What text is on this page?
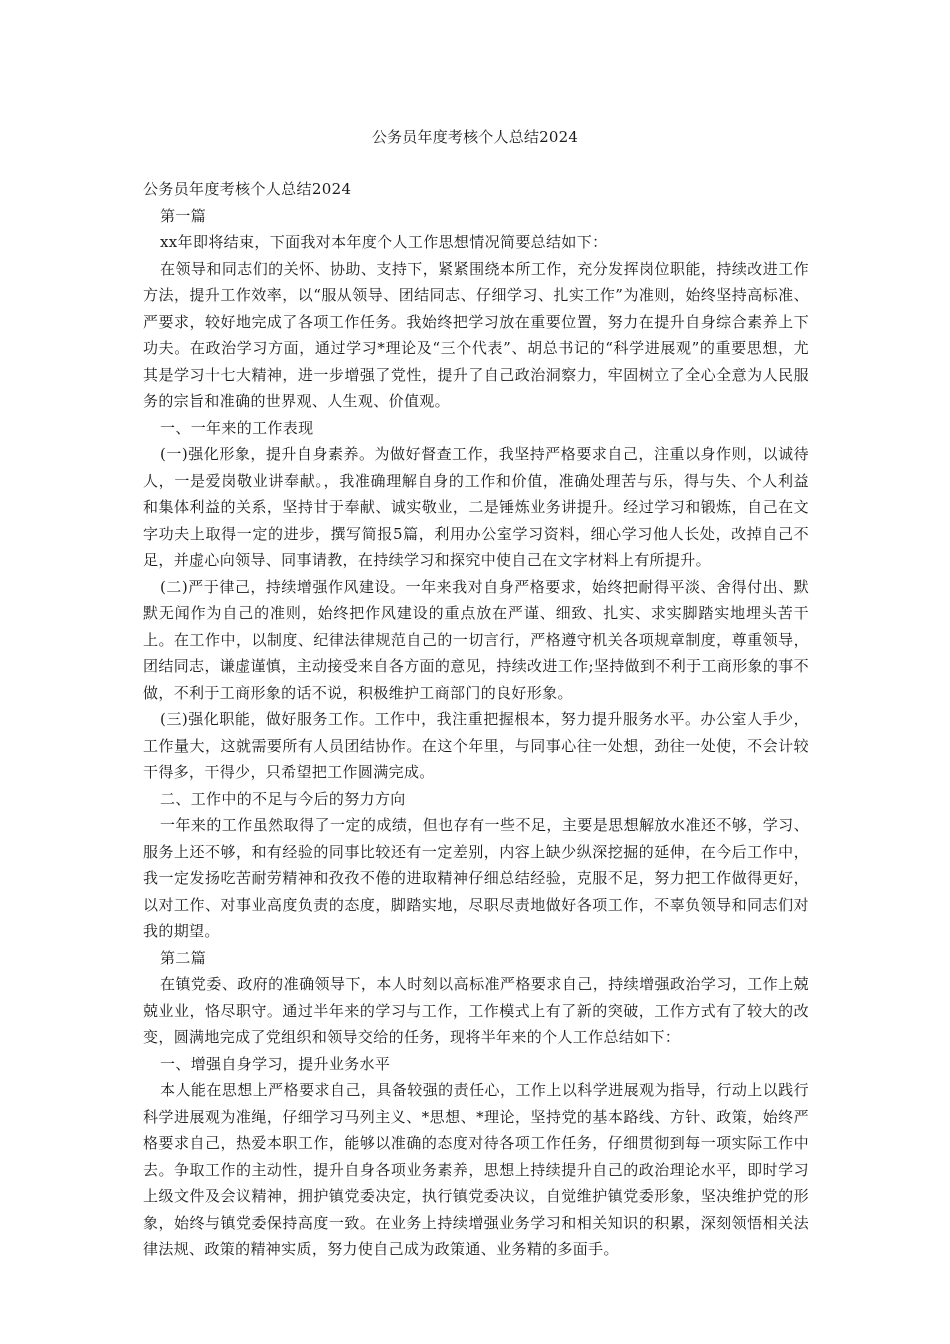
公务员年度考核个人总结2024

公务员年度考核个人总结2024

第一篇

xx年即将结束，下面我对本年度个人工作思想情况简要总结如下：

在领导和同志们的关怀、协助、支持下，紧紧围绕本所工作，充分发挥岗位职能，持续改进工作方法，提升工作效率，以“服从领导、团结同志、仔细学习、扎实工作”为准则，始终坚持高标准、严要求，较好地完成了各项工作任务。我始终把学习放在重要位置，努力在提升自身综合素养上下功夫。在政治学习方面，通过学习*理论及“三个代表”、胡总书记的“科学进展观”的重要思想，尤其是学习十七大精神，进一步增强了党性，提升了自己政治洞察力，牢固树立了全心全意为人民服务的宗旨和准确的世界观、人生观、价值观。

一、一年来的工作表现

(一)强化形象，提升自身素养。为做好督查工作，我坚持严格要求自己，注重以身作则，以诚待人，一是爱岗敬业讲奉献。，我准确理解自身的工作和价值，准确处理苦与乐，得与失、个人利益和集体利益的关系，坚持甘于奉献、诚实敬业，二是锤炼业务讲提升。经过学习和锻炼，自己在文字功夫上取得一定的进步，撰写简报5篇，利用办公室学习资料，细心学习他人长处，改掉自己不足，并虚心向领导、同事请教，在持续学习和探究中使自己在文字材料上有所提升。

(二)严于律己，持续增强作风建设。一年来我对自身严格要求，始终把耐得平淡、舍得付出、默默无闻作为自己的准则，始终把作风建设的重点放在严谨、细致、扎实、求实脚踏实地埋头苦干上。在工作中，以制度、纪律法律规范自己的一切言行，严格遵守机关各项规章制度，尊重领导，团结同志，谦虚谨慎，主动接受来自各方面的意见，持续改进工作;坚持做到不利于工商形象的事不做，不利于工商形象的话不说，积极维护工商部门的良好形象。

(三)强化职能，做好服务工作。工作中，我注重把握根本，努力提升服务水平。办公室人手少，工作量大，这就需要所有人员团结协作。在这个年里，与同事心往一处想，劲往一处使，不会计较干得多，干得少，只希望把工作圆满完成。

二、工作中的不足与今后的努力方向

一年来的工作虽然取得了一定的成绩，但也存有一些不足，主要是思想解放水准还不够，学习、服务上还不够，和有经验的同事比较还有一定差别，内容上缺少纵深挖掘的延伸，在今后工作中，我一定发扬吃苦耐劳精神和孜孜不倦的进取精神仔细总结经验，克服不足，努力把工作做得更好，以对工作、对事业高度负责的态度，脚踏实地，尽职尽责地做好各项工作，不辜负领导和同志们对我的期望。

第二篇

在镇党委、政府的准确领导下，本人时刻以高标准严格要求自己，持续增强政治学习，工作上兢兢业业，恪尽职守。通过半年来的学习与工作，工作模式上有了新的突破，工作方式有了较大的改变，圆满地完成了党组织和领导交给的任务，现将半年来的个人工作总结如下：

一、增强自身学习，提升业务水平

本人能在思想上严格要求自己，具备较强的责任心，工作上以科学进展观为指导，行动上以践行科学进展观为准绳，仔细学习马列主义、*思想、*理论，坚持党的基本路线、方针、政策，始终严格要求自己，热爱本职工作，能够以准确的态度对待各项工作任务，仔细贯彻到每一项实际工作中去。争取工作的主动性，提升自身各项业务素养，思想上持续提升自己的政治理论水平，即时学习上级文件及会议精神，拥护镇党委决定，执行镇党委决议，自觉维护镇党委形象，坚决维护党的形象，始终与镇党委保持高度一致。在业务上持续增强业务学习和相关知识的积累，深刻领悟相关法律法规、政策的精神实质，努力使自己成为政策通、业务精的多面手。
